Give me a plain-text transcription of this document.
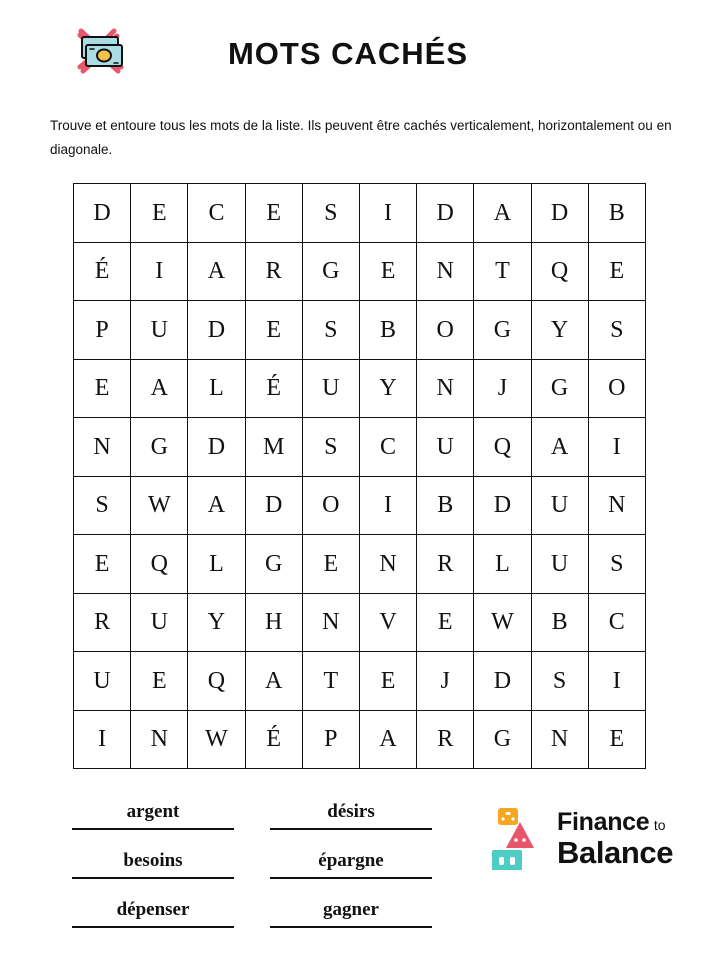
MOTS CACHÉS
Trouve et entoure tous les mots de la liste. Ils peuvent être cachés verticalement, horizontalement ou en diagonale.
D	E	C	E	S	I	D	A	D	B
É	I	A	R	G	E	N	T	Q	E
P	U	D	E	S	B	O	G	Y	S
E	A	L	É	U	Y	N	J	G	O
N	G	D	M	S	C	U	Q	A	I
S	W	A	D	O	I	B	D	U	N
E	Q	L	G	E	N	R	L	U	S
R	U	Y	H	N	V	E	W	B	C
U	E	Q	A	T	E	J	D	S	I
I	N	W	É	P	A	R	G	N	E
argent
besoins
dépenser
désirs
épargne
gagner
Finance to
Balance
